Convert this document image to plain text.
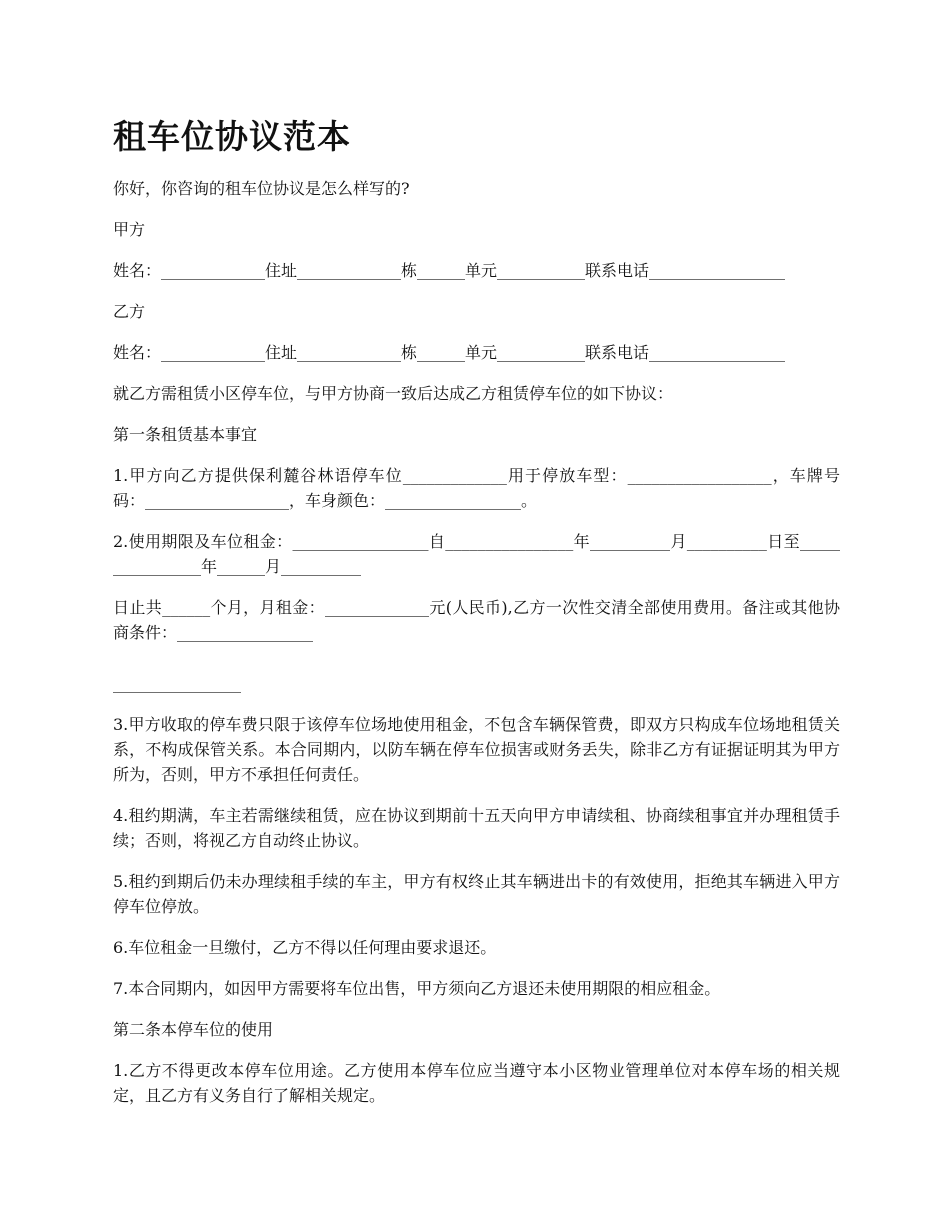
租车位协议范本

你好，你咨询的租车位协议是怎么样写的?

甲方

姓名：_____________住址_____________栋______单元___________联系电话_________________

乙方

姓名：_____________住址_____________栋______单元___________联系电话_________________

就乙方需租赁小区停车位，与甲方协商一致后达成乙方租赁停车位的如下协议：

第一条租赁基本事宜

1.甲方向乙方提供保利麓谷林语停车位_____________用于停放车型：__________________，车牌号码：__________________，车身颜色：_________________。

2.使用期限及车位租金：_________________自________________年__________月__________日至________________年______月__________

日止共______个月，月租金：_____________元(人民币),乙方一次性交清全部使用费用。备注或其他协商条件：_________________

________________

3.甲方收取的停车费只限于该停车位场地使用租金，不包含车辆保管费，即双方只构成车位场地租赁关系，不构成保管关系。本合同期内，以防车辆在停车位损害或财务丢失，除非乙方有证据证明其为甲方所为，否则，甲方不承担任何责任。

4.租约期满，车主若需继续租赁，应在协议到期前十五天向甲方申请续租、协商续租事宜并办理租赁手续；否则，将视乙方自动终止协议。

5.租约到期后仍未办理续租手续的车主，甲方有权终止其车辆进出卡的有效使用，拒绝其车辆进入甲方停车位停放。

6.车位租金一旦缴付，乙方不得以任何理由要求退还。

7.本合同期内，如因甲方需要将车位出售，甲方须向乙方退还未使用期限的相应租金。

第二条本停车位的使用

1.乙方不得更改本停车位用途。乙方使用本停车位应当遵守本小区物业管理单位对本停车场的相关规定，且乙方有义务自行了解相关规定。
